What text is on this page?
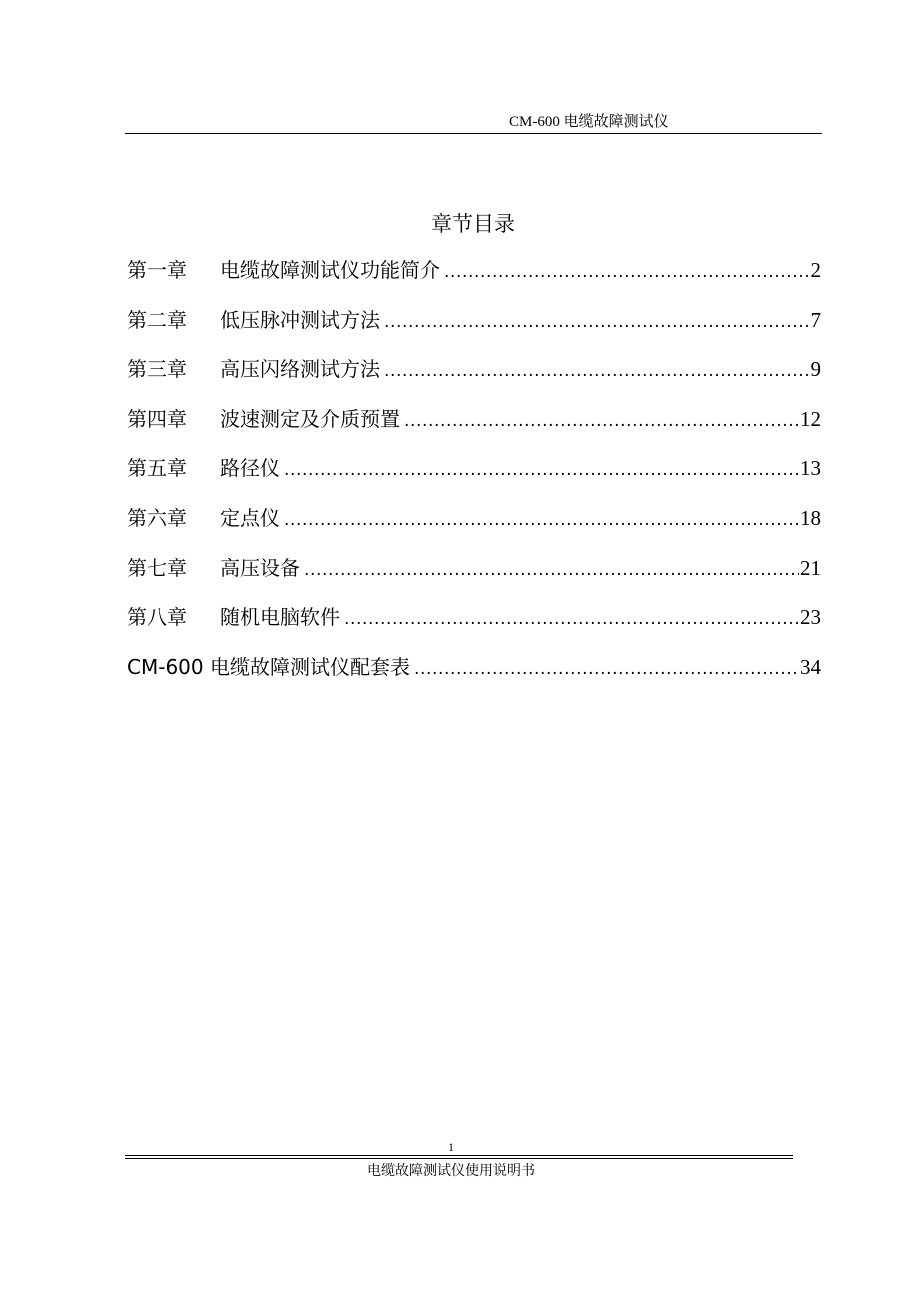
CM-600 电缆故障测试仪
章节目录
第一章	电缆故障测试仪功能简介 .....	2
第二章	低压脉冲测试方法 .....	7
第三章	高压闪络测试方法 .....	9
第四章	波速测定及介质预置 .....	12
第五章	路径仪 .....	13
第六章	定点仪 .....	18
第七章	高压设备 .....	21
第八章	随机电脑软件 .....	23
CM-600 电缆故障测试仪配套表 .....	34
1
电缆故障测试仪使用说明书
